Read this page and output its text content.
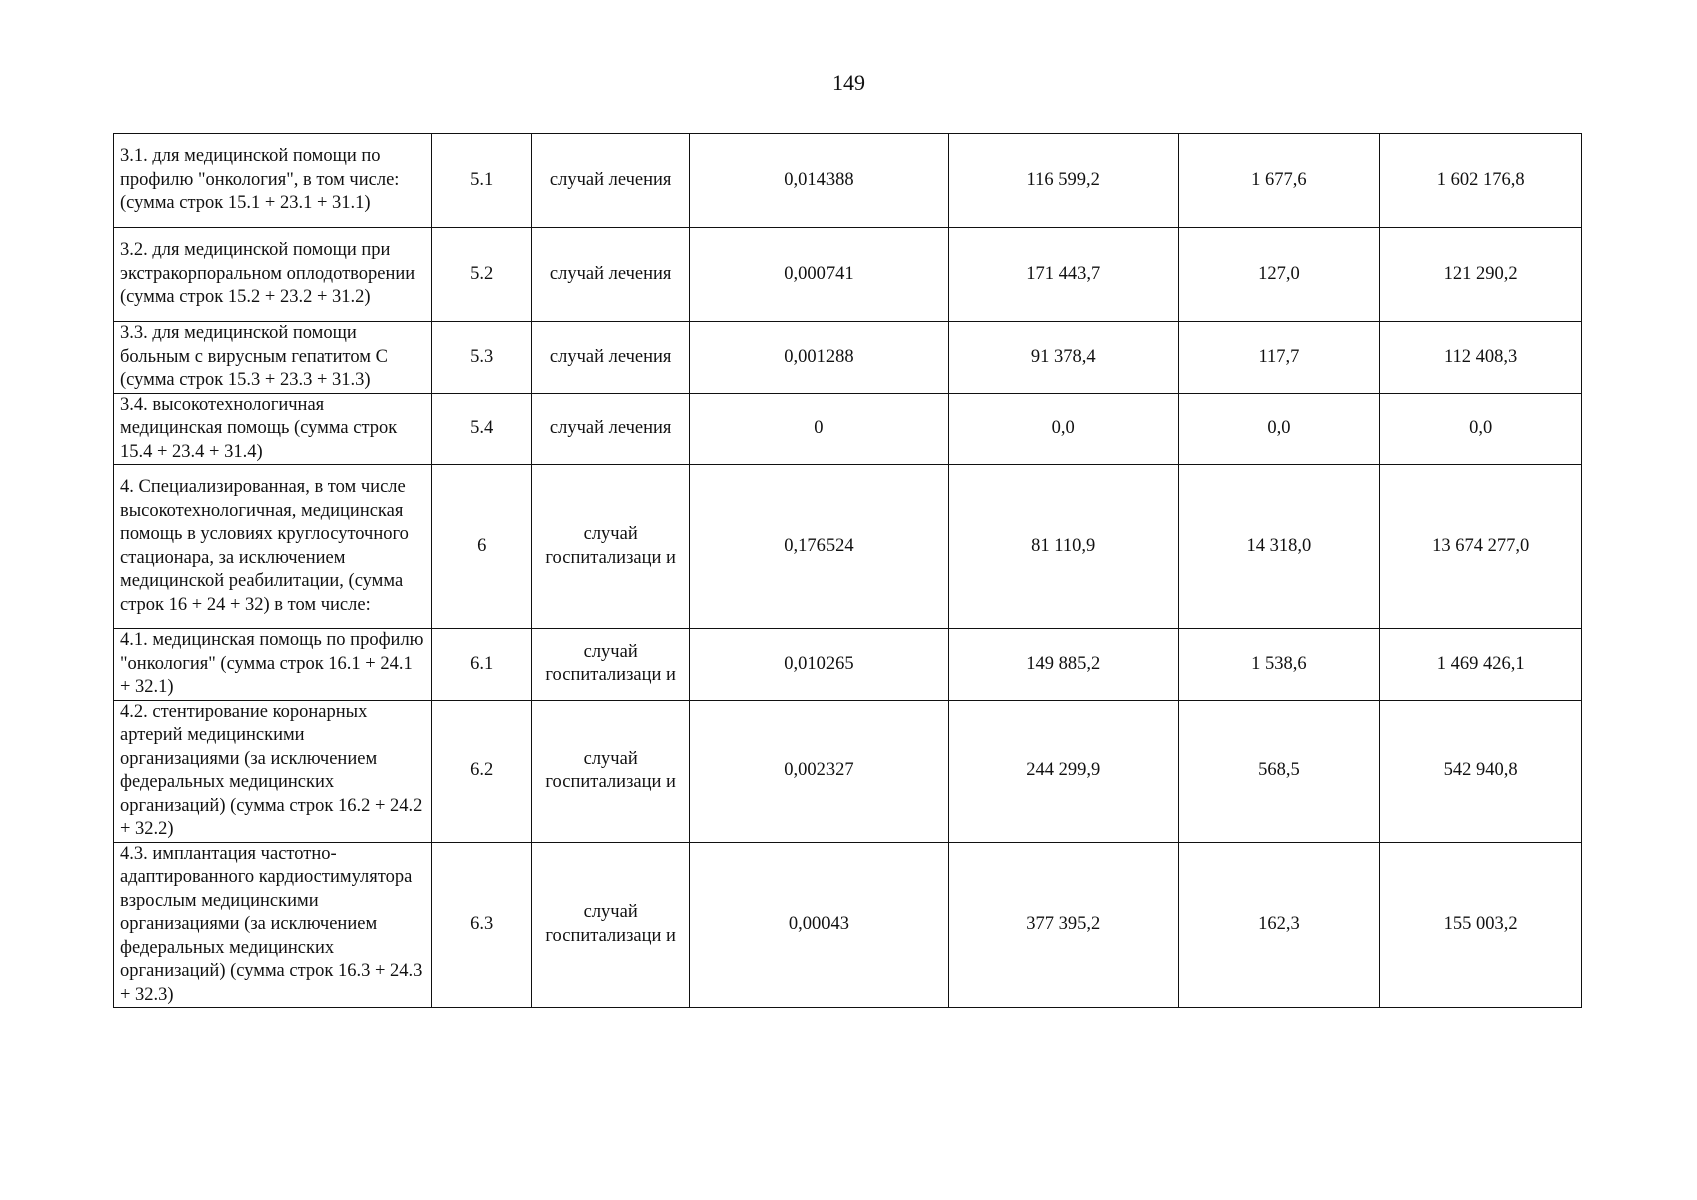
149
3.1. для медицинской помощи по профилю "онкология", в том числе: (сумма строк 15.1 + 23.1 + 31.1)	5.1	случай лечения	0,014388	116 599,2	1 677,6	1 602 176,8
3.2. для медицинской помощи при экстракорпоральном оплодотворении (сумма строк 15.2 + 23.2 + 31.2)	5.2	случай лечения	0,000741	171 443,7	127,0	121 290,2
3.3. для медицинской помощи больным с вирусным гепатитом С (сумма строк 15.3 + 23.3 + 31.3)	5.3	случай лечения	0,001288	91 378,4	117,7	112 408,3
3.4. высокотехнологичная медицинская помощь (сумма строк 15.4 + 23.4 + 31.4)	5.4	случай лечения	0	0,0	0,0	0,0
4. Специализированная, в том числе высокотехнологичная, медицинская помощь в условиях круглосуточного стационара, за исключением медицинской реабилитации, (сумма строк 16 + 24 + 32) в том числе:	6	случай госпитализаци и	0,176524	81 110,9	14 318,0	13 674 277,0
4.1. медицинская помощь по профилю "онкология" (сумма строк 16.1 + 24.1 + 32.1)	6.1	случай госпитализаци и	0,010265	149 885,2	1 538,6	1 469 426,1
4.2. стентирование коронарных артерий медицинскими организациями (за исключением федеральных медицинских организаций) (сумма строк 16.2 + 24.2 + 32.2)	6.2	случай госпитализаци и	0,002327	244 299,9	568,5	542 940,8
4.3. имплантация частотно-адаптированного кардиостимулятора взрослым медицинскими организациями (за исключением федеральных медицинских организаций) (сумма строк 16.3 + 24.3 + 32.3)	6.3	случай госпитализаци и	0,00043	377 395,2	162,3	155 003,2
